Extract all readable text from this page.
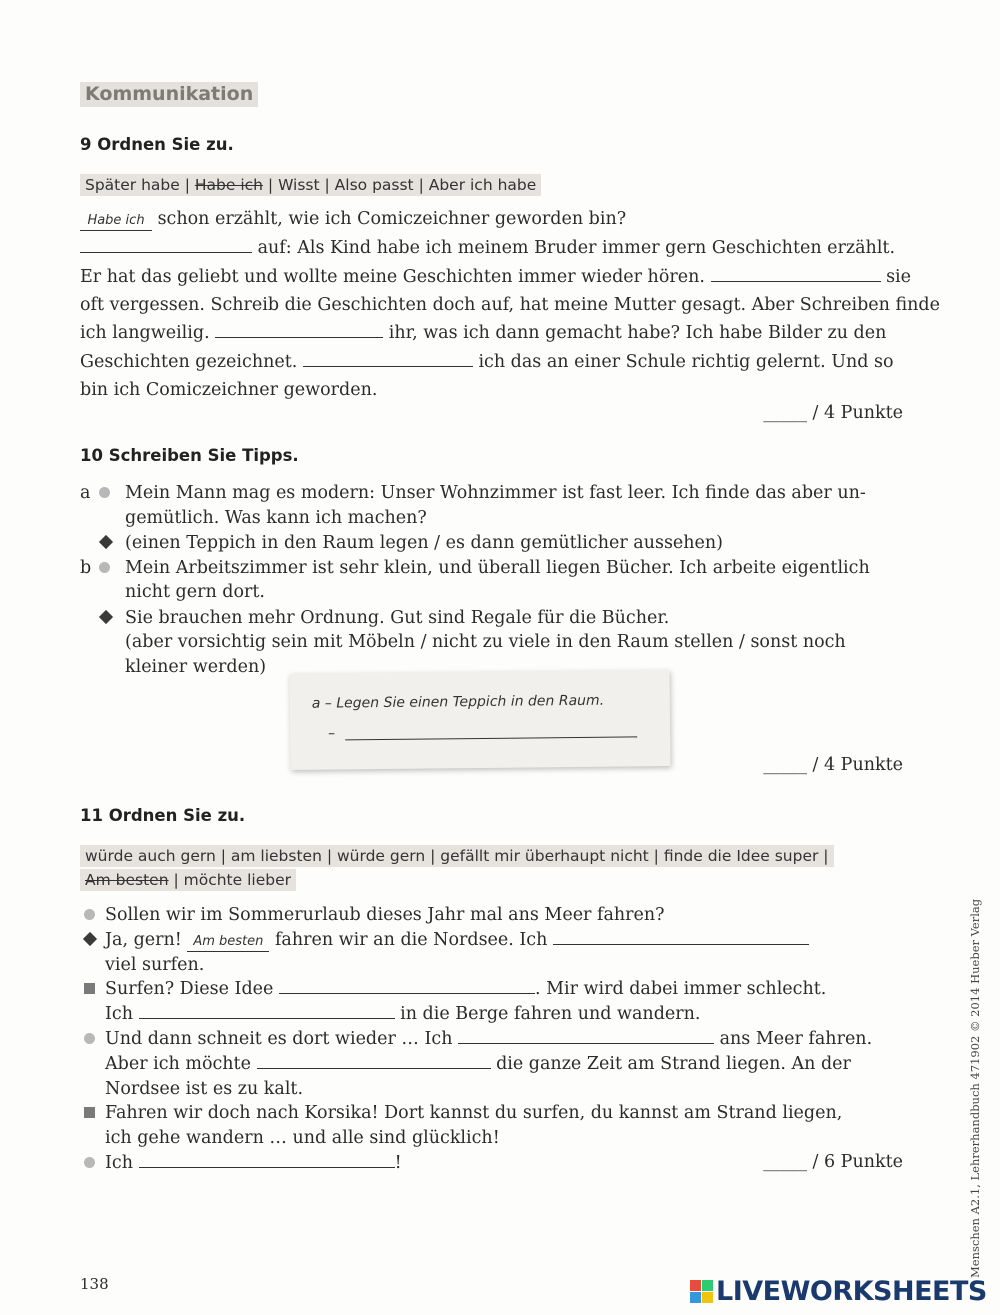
Kommunikation
9 Ordnen Sie zu.
Später habe | Habe ich | Wisst | Also passt | Aber ich habe
Habe ich schon erzählt, wie ich Comiczeichner geworden bin?
auf: Als Kind habe ich meinem Bruder immer gern Geschichten erzählt.
Er hat das geliebt und wollte meine Geschichten immer wieder hören.	sie
oft vergessen. Schreib die Geschichten doch auf, hat meine Mutter gesagt. Aber Schreiben finde
ich langweilig.	ihr, was ich dann gemacht habe? Ich habe Bilder zu den
Geschichten gezeichnet.	ich das an einer Schule richtig gelernt. Und so
bin ich Comiczeichner geworden.
_____ / 4 Punkte
10 Schreiben Sie Tipps.
a Mein Mann mag es modern: Unser Wohnzimmer ist fast leer. Ich finde das aber un-
gemütlich. Was kann ich machen?
(einen Teppich in den Raum legen / es dann gemütlicher aussehen)
b Mein Arbeitszimmer ist sehr klein, und überall liegen Bücher. Ich arbeite eigentlich
nicht gern dort.
Sie brauchen mehr Ordnung. Gut sind Regale für die Bücher.
(aber vorsichtig sein mit Möbeln / nicht zu viele in den Raum stellen / sonst noch
kleiner werden)
a – Legen Sie einen Teppich in den Raum.
–
_____ / 4 Punkte
11 Ordnen Sie zu.
würde auch gern | am liebsten | würde gern | gefällt mir überhaupt nicht | finde die Idee super |
Am besten | möchte lieber
Sollen wir im Sommerurlaub dieses Jahr mal ans Meer fahren?
Ja, gern! Am besten fahren wir an die Nordsee. Ich
viel surfen.
Surfen? Diese Idee	. Mir wird dabei immer schlecht.
Ich	in die Berge fahren und wandern.
Und dann schneit es dort wieder … Ich	ans Meer fahren.
Aber ich möchte	die ganze Zeit am Strand liegen. An der
Nordsee ist es zu kalt.
Fahren wir doch nach Korsika! Dort kannst du surfen, du kannst am Strand liegen,
ich gehe wandern … und alle sind glücklich!
Ich	!	_____ / 6 Punkte
138
Menschen A2.1, Lehrerhandbuch 471902 © 2014 Hueber Verlag
LIVEWORKSHEETS
